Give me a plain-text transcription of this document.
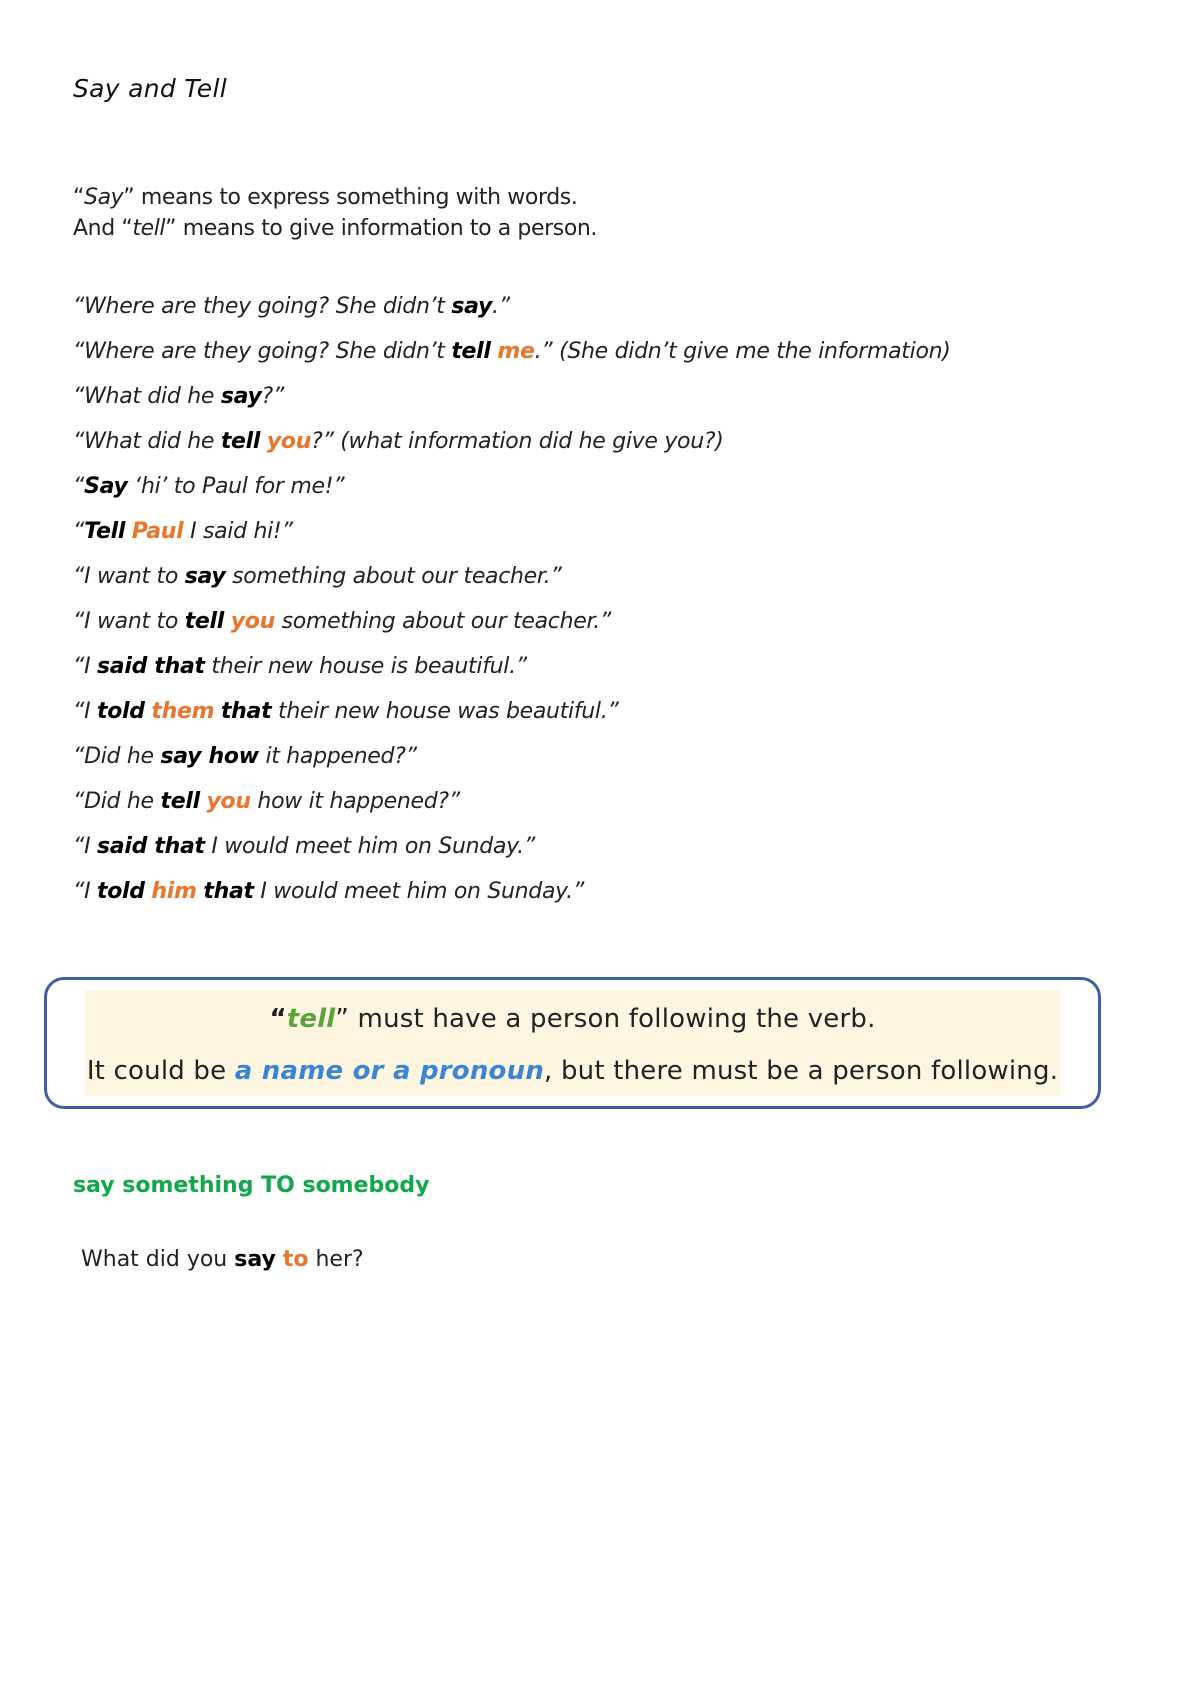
Say and Tell
“Say” means to express something with words.
And “tell” means to give information to a person.
“Where are they going? She didn’t say.”
“Where are they going? She didn’t tell me.” (She didn’t give me the information)
“What did he say?”
“What did he tell you?” (what information did he give you?)
“Say ‘hi’ to Paul for me!”
“Tell Paul I said hi!”
“I want to say something about our teacher.”
“I want to tell you something about our teacher.”
“I said that their new house is beautiful.”
“I told them that their new house was beautiful.”
“Did he say how it happened?”
“Did he tell you how it happened?”
“I said that I would meet him on Sunday.”
“I told him that I would meet him on Sunday.”
“tell” must have a person following the verb.
It could be a name or a pronoun, but there must be a person following.
say something TO somebody
What did you say to her?
